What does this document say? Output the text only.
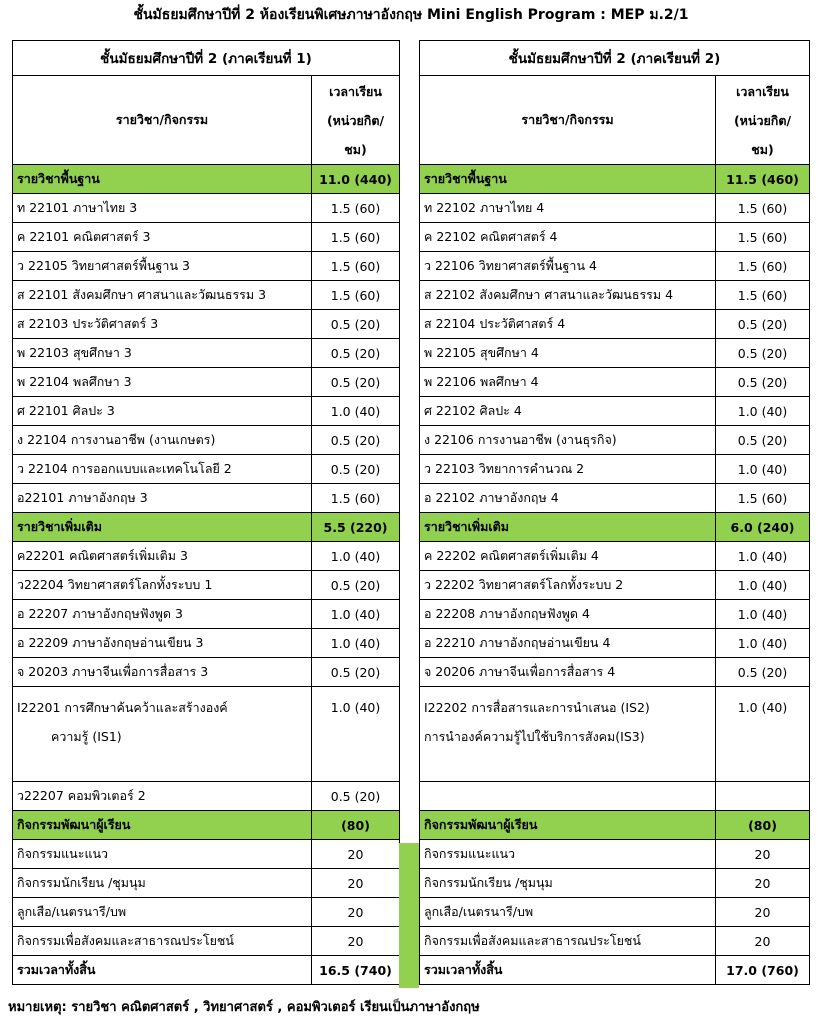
ชั้นมัธยมศึกษาปีที่ 2 ห้องเรียนพิเศษภาษาอังกฤษ Mini English Program : MEP ม.2/1
ชั้นมัธยมศึกษาปีที่ 2 (ภาคเรียนที่ 1)	
รายวิชา/กิจกรรม	เวลาเรียน
(หน่วยกิต/
ชม)
รายวิชาพื้นฐาน	11.0 (440)
ท 22101 ภาษาไทย 3	1.5 (60)
ค 22101 คณิตศาสตร์ 3	1.5 (60)
ว 22105 วิทยาศาสตร์พื้นฐาน 3	1.5 (60)
ส 22101 สังคมศึกษา ศาสนาและวัฒนธรรม 3	1.5 (60)
ส 22103 ประวัติศาสตร์ 3	0.5 (20)
พ 22103 สุขศึกษา 3	0.5 (20)
พ 22104 พลศึกษา 3	0.5 (20)
ศ 22101 ศิลปะ 3	1.0 (40)
ง 22104 การงานอาชีพ (งานเกษตร)	0.5 (20)
ว 22104 การออกแบบและเทคโนโลยี 2	0.5 (20)
อ22101 ภาษาอังกฤษ 3	1.5 (60)
รายวิชาเพิ่มเติม	5.5 (220)
ค22201 คณิตศาสตร์เพิ่มเติม 3	1.0 (40)
ว22204 วิทยาศาสตร์โลกทั้งระบบ 1	0.5 (20)
อ 22207 ภาษาอังกฤษฟังพูด 3	1.0 (40)
อ 22209 ภาษาอังกฤษอ่านเขียน 3	1.0 (40)
จ 20203 ภาษาจีนเพื่อการสื่อสาร 3	0.5 (20)
I22201 การศึกษาค้นคว้าและสร้างองค์
ความรู้ (IS1)	1.0 (40)
ว22207 คอมพิวเตอร์ 2	0.5 (20)
กิจกรรมพัฒนาผู้เรียน	(80)
กิจกรรมแนะแนว	20
กิจกรรมนักเรียน /ชุมนุม	20
ลูกเสือ/เนตรนารี/บพ	20
กิจกรรมเพื่อสังคมและสาธารณประโยชน์	20
รวมเวลาทั้งสิ้น	16.5 (740)
ชั้นมัธยมศึกษาปีที่ 2 (ภาคเรียนที่ 2)	
รายวิชา/กิจกรรม	เวลาเรียน
(หน่วยกิต/
ชม)
รายวิชาพื้นฐาน	11.5 (460)
ท 22102 ภาษาไทย 4	1.5 (60)
ค 22102 คณิตศาสตร์ 4	1.5 (60)
ว 22106 วิทยาศาสตร์พื้นฐาน 4	1.5 (60)
ส 22102 สังคมศึกษา ศาสนาและวัฒนธรรม 4	1.5 (60)
ส 22104 ประวัติศาสตร์ 4	0.5 (20)
พ 22105 สุขศึกษา 4	0.5 (20)
พ 22106 พลศึกษา 4	0.5 (20)
ศ 22102 ศิลปะ 4	1.0 (40)
ง 22106 การงานอาชีพ (งานธุรกิจ)	0.5 (20)
ว 22103 วิทยาการคำนวณ 2	1.0 (40)
อ 22102 ภาษาอังกฤษ 4	1.5 (60)
รายวิชาเพิ่มเติม	6.0 (240)
ค 22202 คณิตศาสตร์เพิ่มเติม 4	1.0 (40)
ว 22202 วิทยาศาสตร์โลกทั้งระบบ 2	1.0 (40)
อ 22208 ภาษาอังกฤษฟังพูด 4	1.0 (40)
อ 22210 ภาษาอังกฤษอ่านเขียน 4	1.0 (40)
จ 20206 ภาษาจีนเพื่อการสื่อสาร 4	0.5 (20)
I22202 การสื่อสารและการนำเสนอ (IS2)
การนำองค์ความรู้ไปใช้บริการสังคม(IS3)	1.0 (40)

กิจกรรมพัฒนาผู้เรียน	(80)
กิจกรรมแนะแนว	20
กิจกรรมนักเรียน /ชุมนุม	20
ลูกเสือ/เนตรนารี/บพ	20
กิจกรรมเพื่อสังคมและสาธารณประโยชน์	20
รวมเวลาทั้งสิ้น	17.0 (760)
หมายเหตุ: รายวิชา คณิตศาสตร์ , วิทยาศาสตร์ , คอมพิวเตอร์ เรียนเป็นภาษาอังกฤษ
